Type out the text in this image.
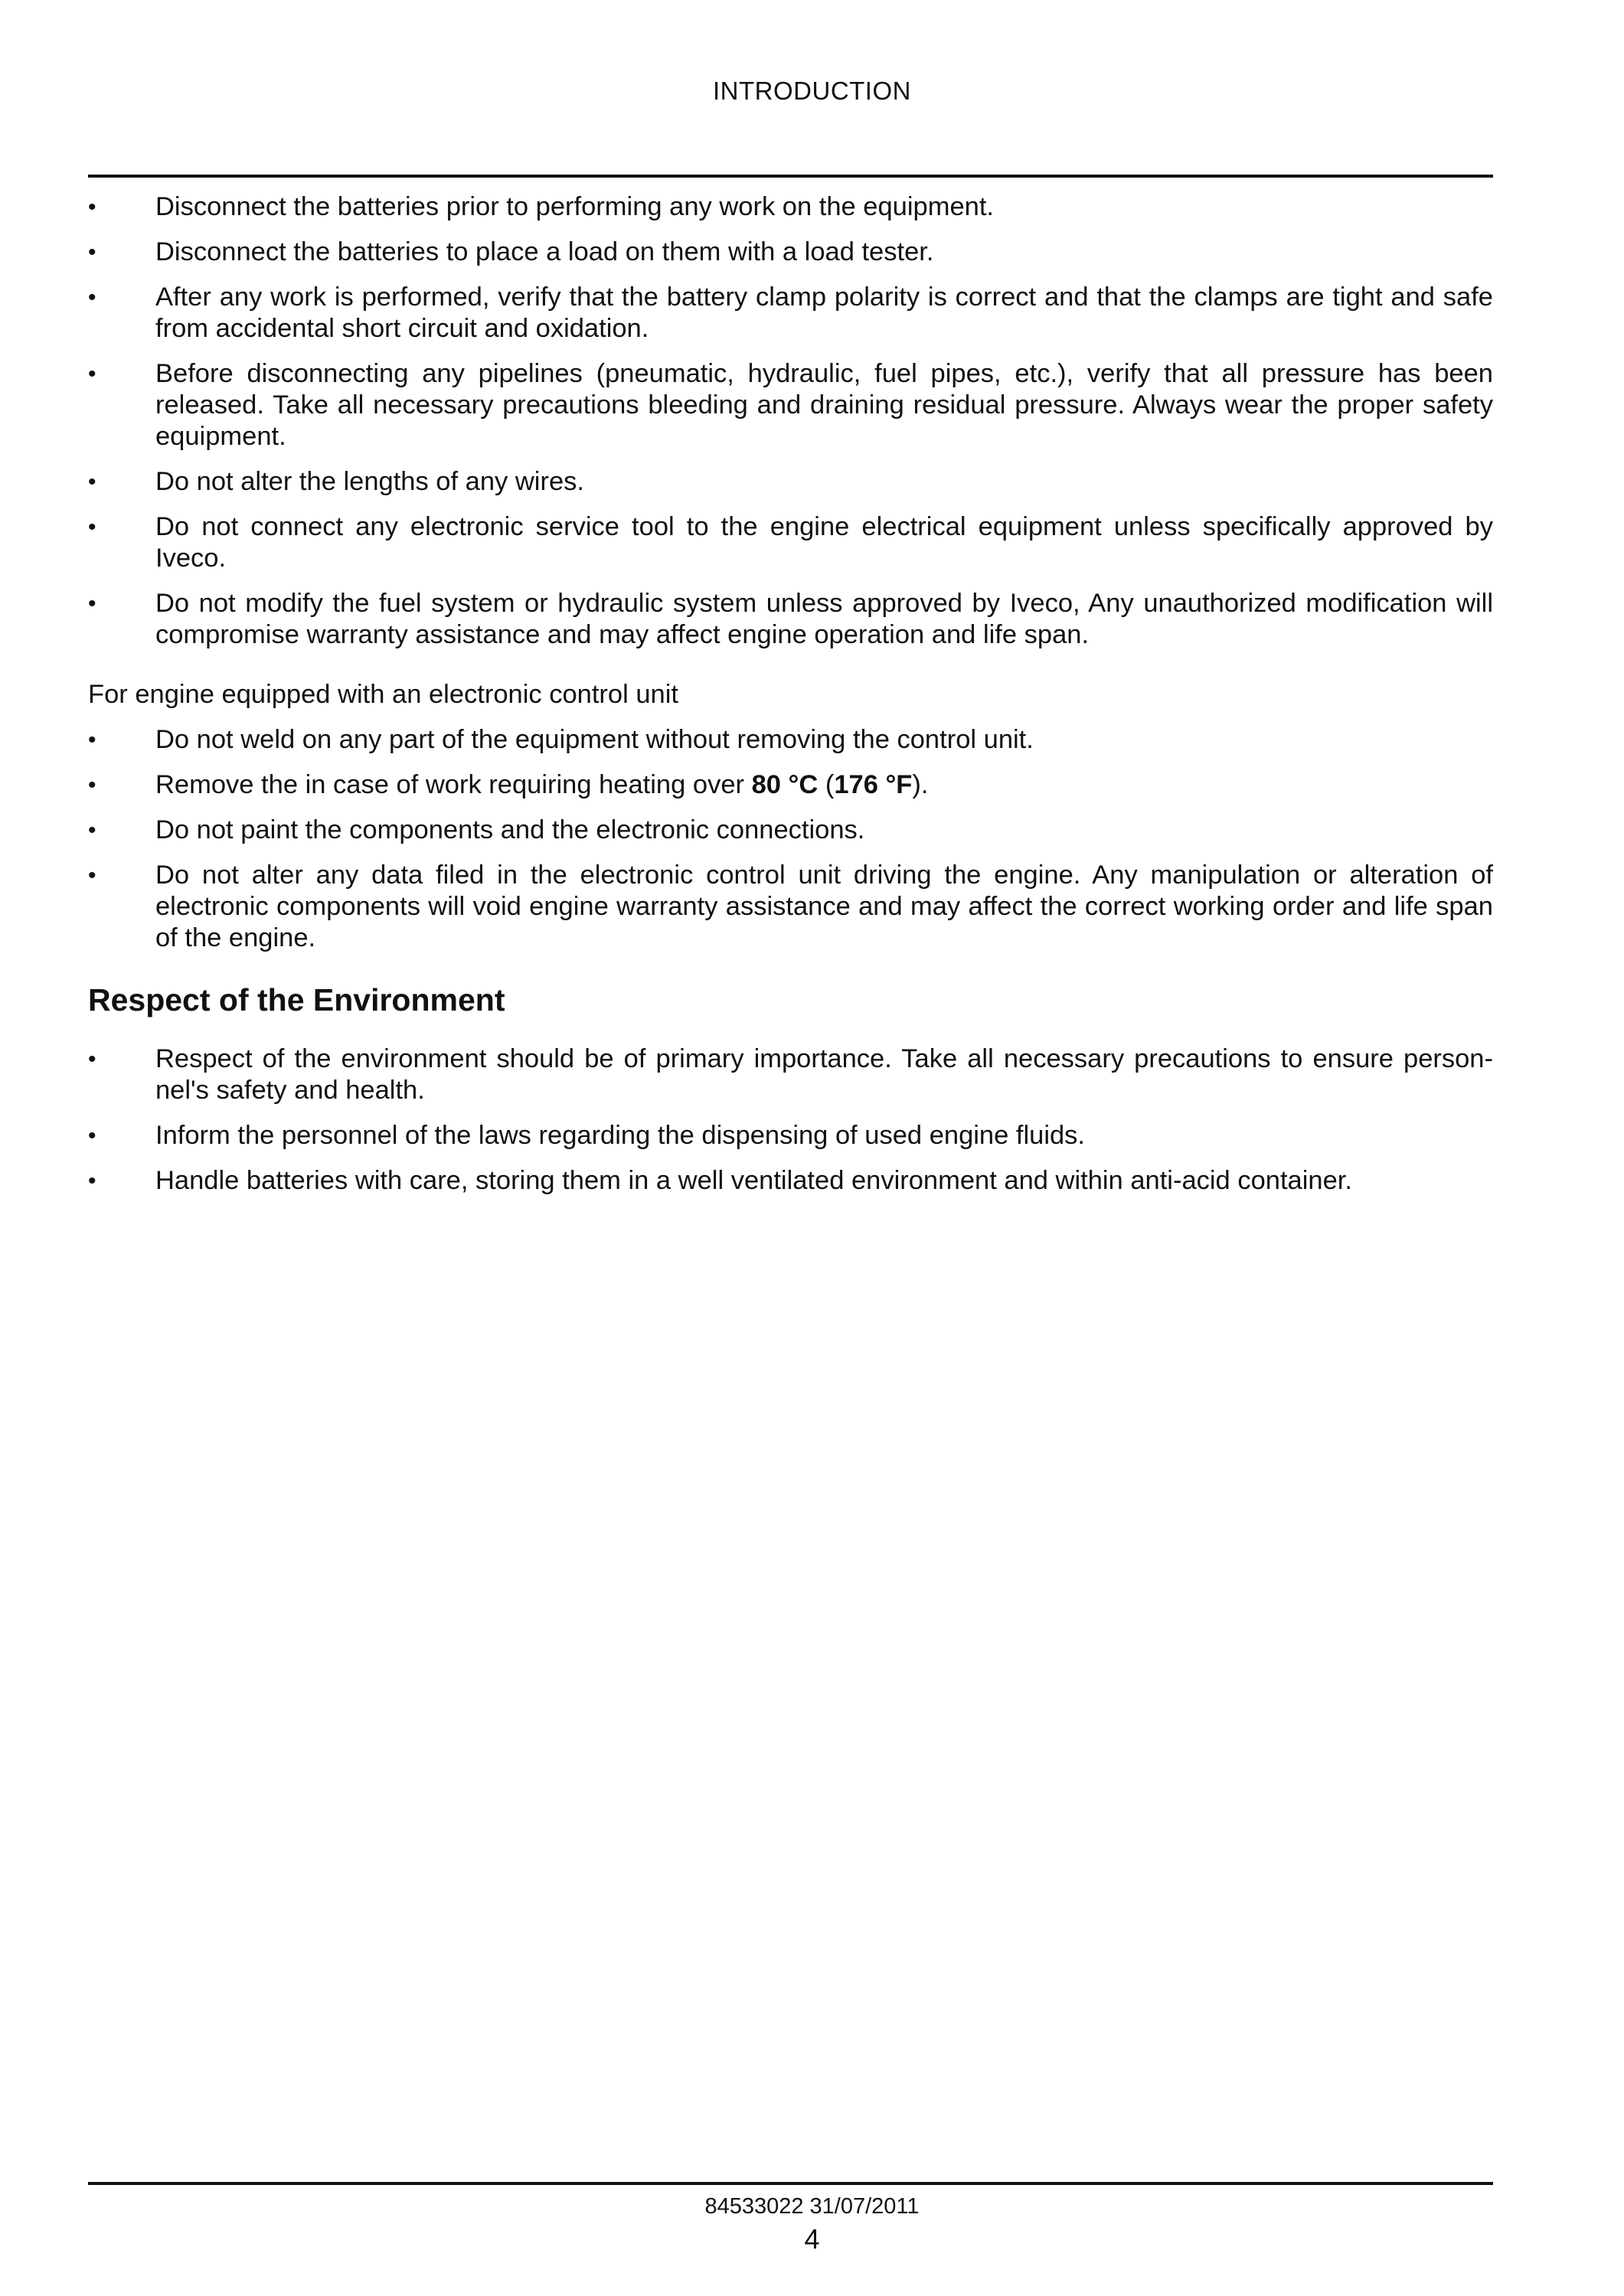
INTRODUCTION
• Disconnect the batteries prior to performing any work on the equipment.
• Disconnect the batteries to place a load on them with a load tester.
• After any work is performed, verify that the battery clamp polarity is correct and that the clamps are tight and safe from accidental short circuit and oxidation.
• Before disconnecting any pipelines (pneumatic, hydraulic, fuel pipes, etc.), verify that all pressure has been released. Take all necessary precautions bleeding and draining residual pressure. Always wear the proper safety equipment.
• Do not alter the lengths of any wires.
• Do not connect any electronic service tool to the engine electrical equipment unless specifically approved by Iveco.
• Do not modify the fuel system or hydraulic system unless approved by Iveco, Any unauthorized modification will compromise warranty assistance and may affect engine operation and life span.

For engine equipped with an electronic control unit

• Do not weld on any part of the equipment without removing the control unit.
• Remove the in case of work requiring heating over 80 °C (176 °F).
• Do not paint the components and the electronic connections.
• Do not alter any data filed in the electronic control unit driving the engine. Any manipulation or alteration of electronic components will void engine warranty assistance and may affect the correct working order and life span of the engine.
Respect of the Environment
• Respect of the environment should be of primary importance. Take all necessary precautions to ensure personnel's safety and health.
• Inform the personnel of the laws regarding the dispensing of used engine fluids.
• Handle batteries with care, storing them in a well ventilated environment and within anti-acid container.
84533022 31/07/2011
4
